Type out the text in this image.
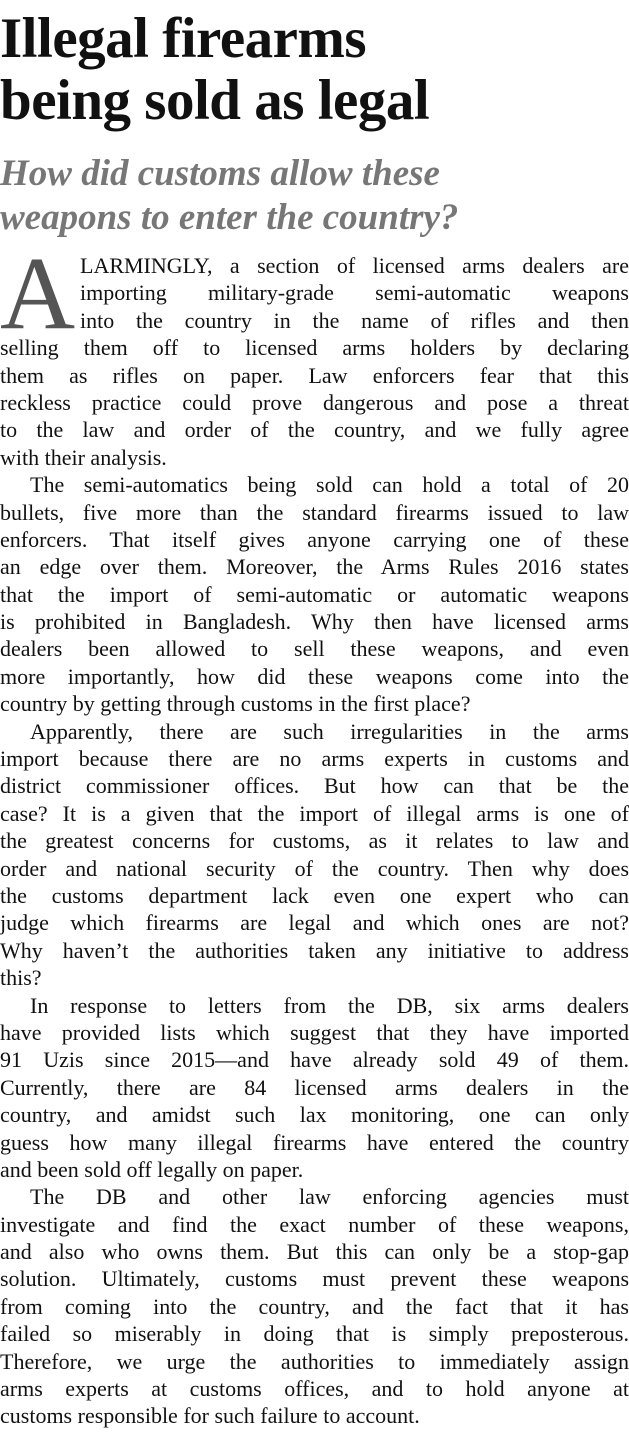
Illegal firearms
being sold as legal
How did customs allow these
weapons to enter the country?
A LARMINGLY, a section of licensed arms dealers are
importing military-grade semi-automatic weapons
into the country in the name of rifles and then
selling them off to licensed arms holders by declaring
them as rifles on paper. Law enforcers fear that this
reckless practice could prove dangerous and pose a threat
to the law and order of the country, and we fully agree
with their analysis.
The semi-automatics being sold can hold a total of 20
bullets, five more than the standard firearms issued to law
enforcers. That itself gives anyone carrying one of these
an edge over them. Moreover, the Arms Rules 2016 states
that the import of semi-automatic or automatic weapons
is prohibited in Bangladesh. Why then have licensed arms
dealers been allowed to sell these weapons, and even
more importantly, how did these weapons come into the
country by getting through customs in the first place?
Apparently, there are such irregularities in the arms
import because there are no arms experts in customs and
district commissioner offices. But how can that be the
case? It is a given that the import of illegal arms is one of
the greatest concerns for customs, as it relates to law and
order and national security of the country. Then why does
the customs department lack even one expert who can
judge which firearms are legal and which ones are not?
Why haven’t the authorities taken any initiative to address
this?
In response to letters from the DB, six arms dealers
have provided lists which suggest that they have imported
91 Uzis since 2015—and have already sold 49 of them.
Currently, there are 84 licensed arms dealers in the
country, and amidst such lax monitoring, one can only
guess how many illegal firearms have entered the country
and been sold off legally on paper.
The DB and other law enforcing agencies must
investigate and find the exact number of these weapons,
and also who owns them. But this can only be a stop-gap
solution. Ultimately, customs must prevent these weapons
from coming into the country, and the fact that it has
failed so miserably in doing that is simply preposterous.
Therefore, we urge the authorities to immediately assign
arms experts at customs offices, and to hold anyone at
customs responsible for such failure to account.
